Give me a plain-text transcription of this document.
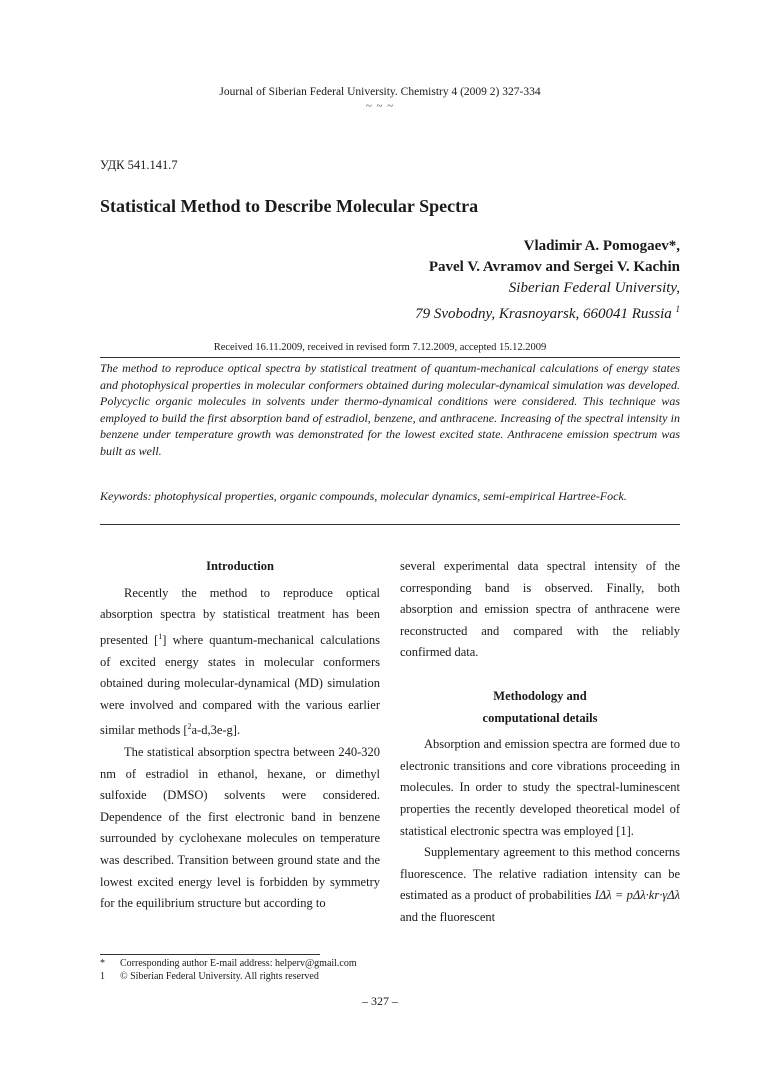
Journal of Siberian Federal University. Chemistry 4 (2009 2) 327-334
~ ~ ~
УДК 541.141.7
Statistical Method to Describe Molecular Spectra
Vladimir A. Pomogaev*,
Pavel V. Avramov and Sergei V. Kachin
Siberian Federal University,
79 Svobodny, Krasnoyarsk, 660041 Russia $^1$
Received 16.11.2009, received in revised form 7.12.2009, accepted 15.12.2009
The method to reproduce optical spectra by statistical treatment of quantum-mechanical calculations of energy states and photophysical properties in molecular conformers obtained during molecular-dynamical simulation was developed. Polycyclic organic molecules in solvents under thermo-dynamical conditions were considered. This technique was employed to build the first absorption band of estradiol, benzene, and anthracene. Increasing of the spectral intensity in benzene under temperature growth was demonstrated for the lowest excited state. Anthracene emission spectrum was built as well.
Keywords: photophysical properties, organic compounds, molecular dynamics, semi-empirical Hartree-Fock.
Introduction

Recently the method to reproduce optical absorption spectra by statistical treatment has been presented [$^1$] where quantum-mechanical calculations of excited energy states in molecular conformers obtained during molecular-dynamical (MD) simulation were involved and compared with the various earlier similar methods [$^2$a-d,3e-g].

The statistical absorption spectra between 240-320 nm of estradiol in ethanol, hexane, or dimethyl sulfoxide (DMSO) solvents were considered. Dependence of the first electronic band in benzene surrounded by cyclohexane molecules on temperature was described. Transition between ground state and the lowest excited energy level is forbidden by symmetry for the equilibrium structure but according to

several experimental data spectral intensity of the corresponding band is observed. Finally, both absorption and emission spectra of anthracene were reconstructed and compared with the reliably confirmed data.

Methodology and
computational details

Absorption and emission spectra are formed due to electronic transitions and core vibrations proceeding in molecules. In order to study the spectral-luminescent properties the recently developed theoretical model of statistical electronic spectra was employed [1].

Supplementary agreement to this method concerns fluorescence. The relative radiation intensity can be estimated as a product of probabilities IΔλ = pΔλ·kr·γΔλ and the fluorescent

* Corresponding author E-mail address: helperv@gmail.com
1 © Siberian Federal University. All rights reserved
– 327 –
